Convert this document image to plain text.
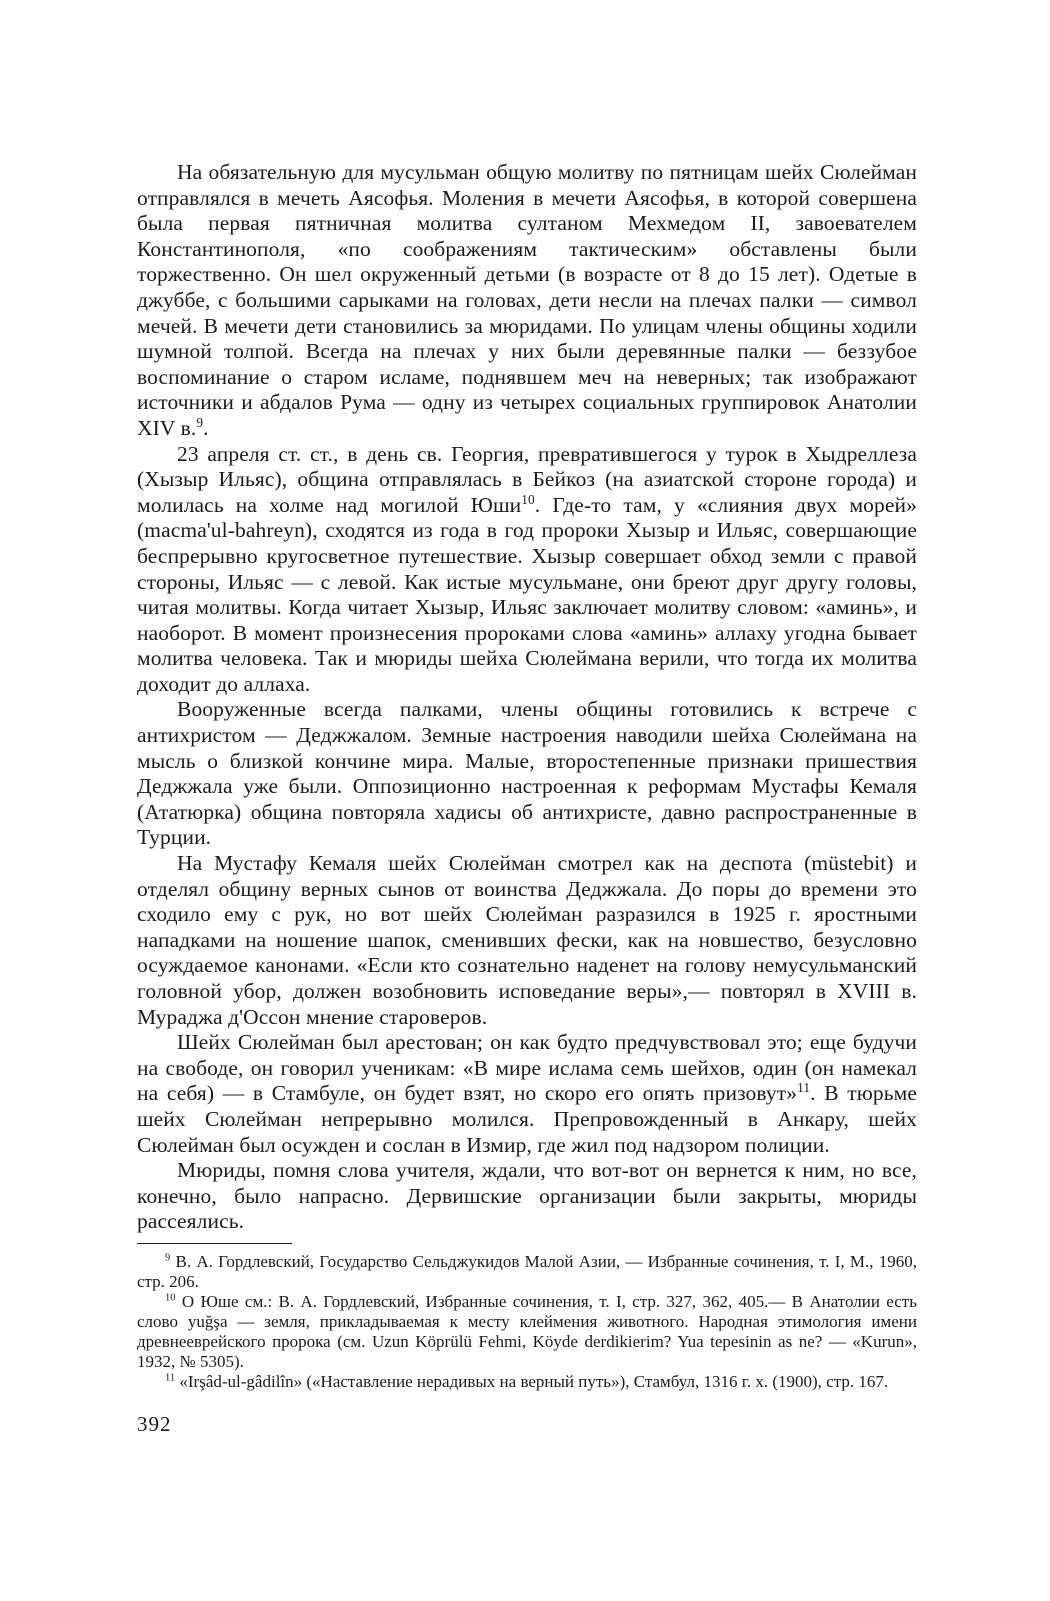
На обязательную для мусульман общую молитву по пятницам шейх Сюлейман отправлялся в мечеть Аясофья. Моления в мечети Аясофья, в которой совершена была первая пятничная молитва султаном Мехмедом II, завоевателем Константинополя, «по соображениям тактическим» обставлены были торжественно. Он шел окруженный детьми (в возрасте от 8 до 15 лет). Одетые в джуббе, с большими сарыками на головах, дети несли на плечах палки — символ мечей. В мечети дети становились за мюридами. По улицам члены общины ходили шумной толпой. Всегда на плечах у них были деревянные палки — беззубое воспоминание о старом исламе, поднявшем меч на неверных; так изображают источники и абдалов Рума — одну из четырех социальных группировок Анатолии XIV в.$^9$.

23 апреля ст. ст., в день св. Георгия, превратившегося у турок в Хыдреллеза (Хызыр Ильяс), община отправлялась в Бейкоз (на азиатской стороне города) и молилась на холме над могилой Юши$^{10}$. Где-то там, у «слияния двух морей» (macma'ul-bahreyn), сходятся из года в год пророки Хызыр и Ильяс, совершающие беспрерывно кругосветное путешествие. Хызыр совершает обход земли с правой стороны, Ильяс — с левой. Как истые мусульмане, они бреют друг другу головы, читая молитвы. Когда читает Хызыр, Ильяс заключает молитву словом: «аминь», и наоборот. В момент произнесения пророками слова «аминь» аллаху угодна бывает молитва человека. Так и мюриды шейха Сюлеймана верили, что тогда их молитва доходит до аллаха.

Вооруженные всегда палками, члены общины готовились к встрече с антихристом — Деджжалом. Земные настроения наводили шейха Сюлеймана на мысль о близкой кончине мира. Малые, второстепенные признаки пришествия Деджжала уже были. Оппозиционно настроенная к реформам Мустафы Кемаля (Ататюрка) община повторяла хадисы об антихристе, давно распространенные в Турции.

На Мустафу Кемаля шейх Сюлейман смотрел как на деспота (müstebit) и отделял общину верных сынов от воинства Деджжала. До поры до времени это сходило ему с рук, но вот шейх Сюлейман разразился в 1925 г. яростными нападками на ношение шапок, сменивших фески, как на новшество, безусловно осуждаемое канонами. «Если кто сознательно наденет на голову немусульманский головной убор, должен возобновить исповедание веры»,— повторял в XVIII в. Мураджа д'Оссон мнение староверов.

Шейх Сюлейман был арестован; он как будто предчувствовал это; еще будучи на свободе, он говорил ученикам: «В мире ислама семь шейхов, один (он намекал на себя) — в Стамбуле, он будет взят, но скоро его опять призовут»$^{11}$. В тюрьме шейх Сюлейман непрерывно молился. Препровожденный в Анкару, шейх Сюлейман был осужден и сослан в Измир, где жил под надзором полиции.

Мюриды, помня слова учителя, ждали, что вот-вот он вернется к ним, но все, конечно, было напрасно. Дервишские организации были закрыты, мюриды рассеялись.

$^9$ В. А. Гордлевский, Государство Сельджукидов Малой Азии, — Избранные сочинения, т. I, М., 1960, стр. 206.

$^{10}$ О Юше см.: В. А. Гордлевский, Избранные сочинения, т. I, стр. 327, 362, 405.— В Анатолии есть слово yuğşa — земля, прикладываемая к месту клеймения животного. Народная этимология имени древнееврейского пророка (см. Uzun Köprülü Fehmi, Köyde derdikierim? Yua tepesinin as ne? — «Kurun», 1932, № 5305).

$^{11}$ «Irşâd-ul-gâdilîn» («Наставление нерадивых на верный путь»), Стамбул, 1316 г. х. (1900), стр. 167.

392
